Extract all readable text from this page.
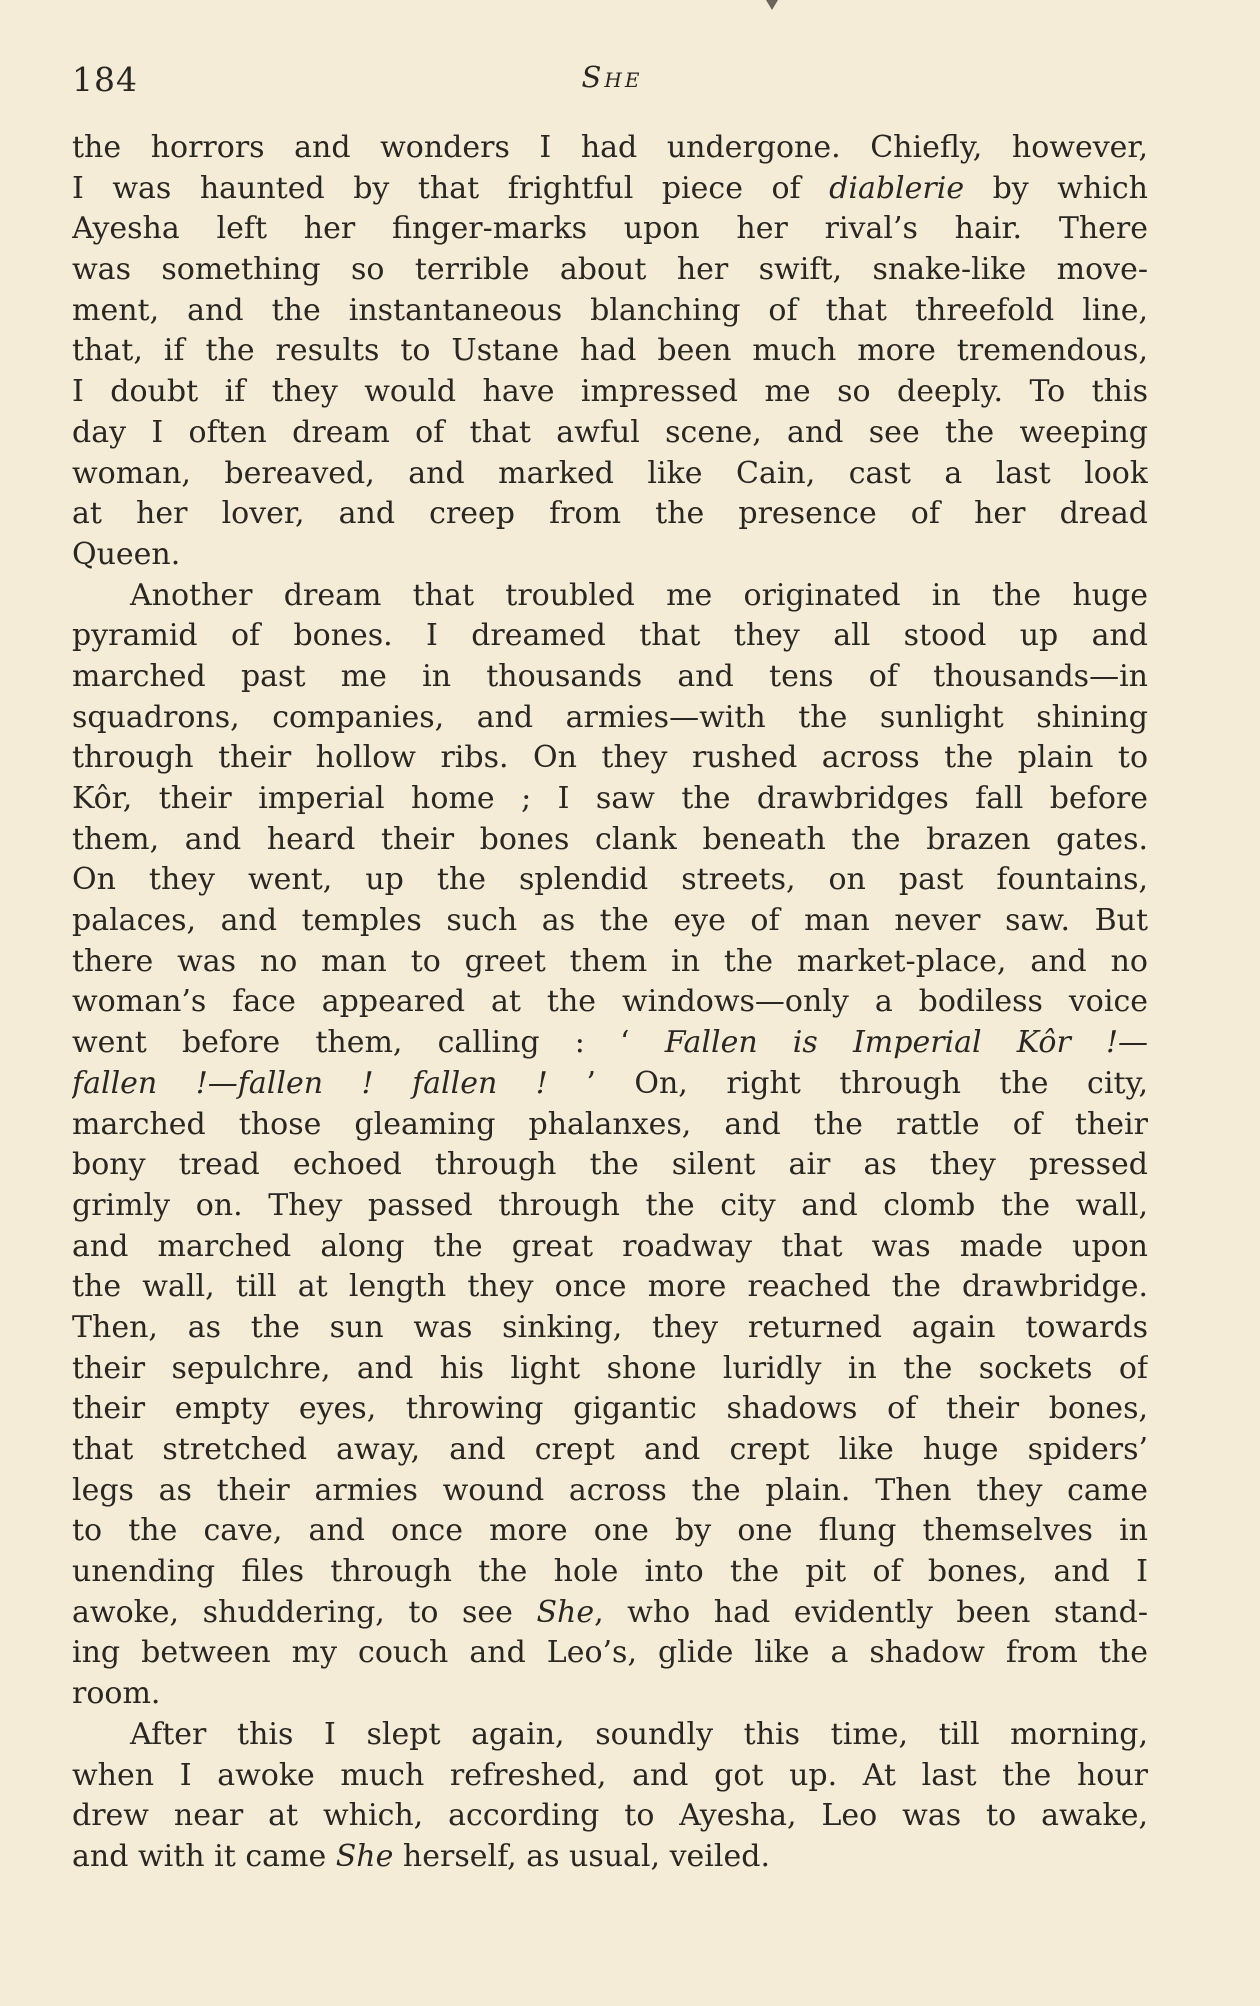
184	She
the horrors and wonders I had undergone. Chiefly, however,
I was haunted by that frightful piece of diablerie by which
Ayesha left her finger-marks upon her rival’s hair. There
was something so terrible about her swift, snake-like move-
ment, and the instantaneous blanching of that threefold line,
that, if the results to Ustane had been much more tremendous,
I doubt if they would have impressed me so deeply. To this
day I often dream of that awful scene, and see the weeping
woman, bereaved, and marked like Cain, cast a last look
at her lover, and creep from the presence of her dread
Queen.
Another dream that troubled me originated in the huge
pyramid of bones. I dreamed that they all stood up and
marched past me in thousands and tens of thousands—in
squadrons, companies, and armies—with the sunlight shining
through their hollow ribs. On they rushed across the plain to
Kôr, their imperial home ; I saw the drawbridges fall before
them, and heard their bones clank beneath the brazen gates.
On they went, up the splendid streets, on past fountains,
palaces, and temples such as the eye of man never saw. But
there was no man to greet them in the market-place, and no
woman’s face appeared at the windows—only a bodiless voice
went before them, calling : ‘ Fallen is Imperial Kôr !—
fallen !—fallen ! fallen ! ’ On, right through the city,
marched those gleaming phalanxes, and the rattle of their
bony tread echoed through the silent air as they pressed
grimly on. They passed through the city and clomb the wall,
and marched along the great roadway that was made upon
the wall, till at length they once more reached the drawbridge.
Then, as the sun was sinking, they returned again towards
their sepulchre, and his light shone luridly in the sockets of
their empty eyes, throwing gigantic shadows of their bones,
that stretched away, and crept and crept like huge spiders’
legs as their armies wound across the plain. Then they came
to the cave, and once more one by one flung themselves in
unending files through the hole into the pit of bones, and I
awoke, shuddering, to see She, who had evidently been stand-
ing between my couch and Leo’s, glide like a shadow from the
room.
After this I slept again, soundly this time, till morning,
when I awoke much refreshed, and got up. At last the hour
drew near at which, according to Ayesha, Leo was to awake,
and with it came She herself, as usual, veiled.
